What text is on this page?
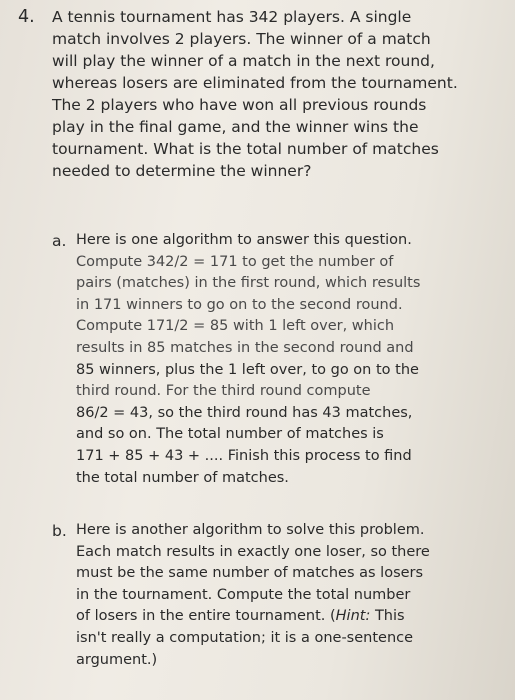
4. A tennis tournament has 342 players. A single
match involves 2 players. The winner of a match
will play the winner of a match in the next round,
whereas losers are eliminated from the tournament.
The 2 players who have won all previous rounds
play in the final game, and the winner wins the
tournament. What is the total number of matches
needed to determine the winner?
a. Here is one algorithm to answer this question.
Compute 342/2 = 171 to get the number of
pairs (matches) in the first round, which results
in 171 winners to go on to the second round.
Compute 171/2 = 85 with 1 left over, which
results in 85 matches in the second round and
85 winners, plus the 1 left over, to go on to the
third round. For the third round compute
86/2 = 43, so the third round has 43 matches,
and so on. The total number of matches is
171 + 85 + 43 + .... Finish this process to find
the total number of matches.
b. Here is another algorithm to solve this problem.
Each match results in exactly one loser, so there
must be the same number of matches as losers
in the tournament. Compute the total number
of losers in the entire tournament. (Hint: This
isn't really a computation; it is a one-sentence
argument.)
